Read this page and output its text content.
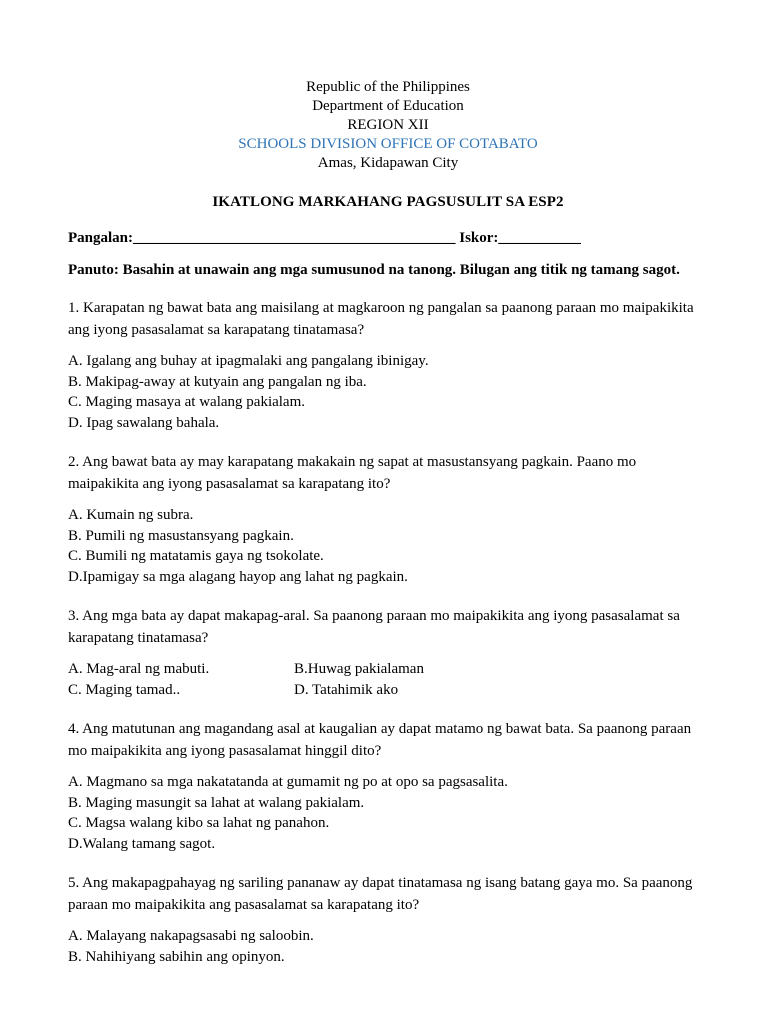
Republic of the Philippines
Department of Education
REGION XII
SCHOOLS DIVISION OFFICE OF COTABATO
Amas, Kidapawan City
IKATLONG MARKAHANG PAGSUSULIT SA ESP2
Pangalan:___________________________________________ Iskor:___________
Panuto: Basahin at unawain ang mga sumusunod na tanong. Bilugan ang titik ng tamang sagot.
1. Karapatan ng bawat bata ang maisilang at magkaroon ng pangalan sa paanong paraan mo maipakikita ang iyong pasasalamat sa karapatang tinatamasa?
A. Igalang ang buhay at ipagmalaki ang pangalang ibinigay.
B. Makipag-away at kutyain ang pangalan ng iba.
C. Maging masaya at walang pakialam.
D. Ipag sawalang bahala.
2. Ang bawat bata ay may karapatang makakain ng sapat at masustansyang pagkain. Paano mo maipakikita ang iyong pasasalamat sa karapatang ito?
A. Kumain ng subra.
B. Pumili ng masustansyang pagkain.
C. Bumili ng matatamis gaya ng tsokolate.
D.Ipamigay sa mga alagang hayop ang lahat ng pagkain.
3. Ang mga bata ay dapat makapag-aral. Sa paanong paraan mo maipakikita ang iyong pasasalamat sa karapatang tinatamasa?
A. Mag-aral ng mabuti.	B.Huwag pakialaman
C. Maging tamad..	D. Tatahimik ako
4. Ang matutunan ang magandang asal at kaugalian ay dapat matamo ng bawat bata. Sa paanong paraan mo maipakikita ang iyong pasasalamat hinggil dito?
A. Magmano sa mga nakatatanda at gumamit ng po at opo sa pagsasalita.
B. Maging masungit sa lahat at walang pakialam.
C. Magsa walang kibo sa lahat ng panahon.
D.Walang tamang sagot.
5. Ang makapagpahayag ng sariling pananaw ay dapat tinatamasa ng isang batang gaya mo. Sa paanong paraan mo maipakikita ang pasasalamat sa karapatang ito?
A. Malayang nakapagsasabi ng saloobin.
B. Nahihiyang sabihin ang opinyon.
